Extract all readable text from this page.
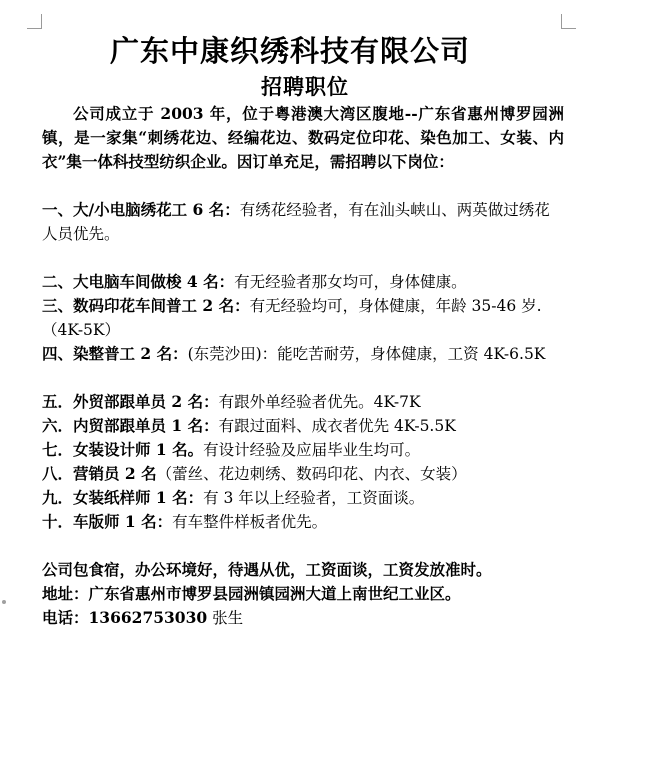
广东中康织绣科技有限公司
招聘职位

公司成立于 2003 年，位于粤港澳大湾区腹地--广东省惠州博罗园洲镇，是一家集“刺绣花边、经编花边、数码定位印花、染色加工、女装、内衣”集一体科技型纺织企业。因订单充足，需招聘以下岗位：

一、大/小电脑绣花工 6 名：有绣花经验者，有在汕头峡山、两英做过绣花人员优先。

二、大电脑车间做梭 4 名：有无经验者那女均可，身体健康。

三、数码印花车间普工 2 名：有无经验均可，身体健康，年龄 35-46 岁.（4K-5K）

四、染整普工 2 名：(东莞沙田)：能吃苦耐劳，身体健康，工资 4K-6.5K

五．外贸部跟单员 2 名：有跟外单经验者优先。4K-7K

六．内贸部跟单员 1 名：有跟过面料、成衣者优先 4K-5.5K

七．女装设计师 1 名。有设计经验及应届毕业生均可。

八．营销员 2 名（蕾丝、花边刺绣、数码印花、内衣、女装）

九．女装纸样师 1 名：有 3 年以上经验者，工资面谈。

十．车版师 1 名：有车整件样板者优先。

公司包食宿，办公环境好，待遇从优，工资面谈，工资发放准时。

地址：广东省惠州市博罗县园洲镇园洲大道上南世纪工业区。

电话：13662753030 张生
